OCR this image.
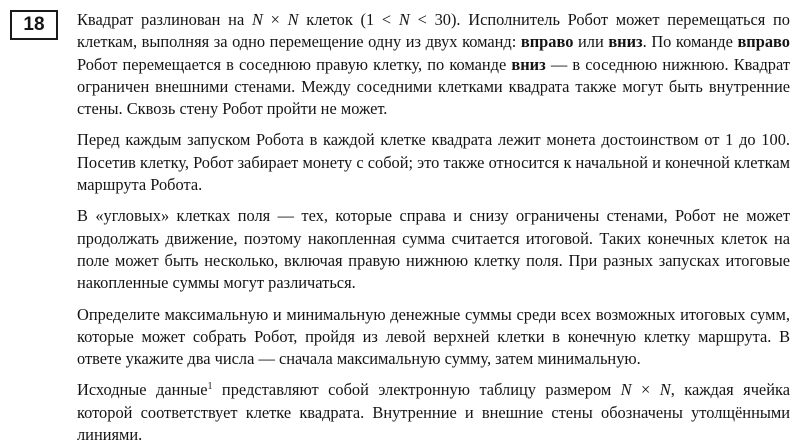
18 Квадрат разлинован на N × N клеток (1 < N < 30). Исполнитель Робот может перемещаться по клеткам, выполняя за одно перемещение одну из двух команд: вправо или вниз. По команде вправо Робот перемещается в соседнюю правую клетку, по команде вниз — в соседнюю нижнюю. Квадрат ограничен внешними стенами. Между соседними клетками квадрата также могут быть внутренние стены. Сквозь стену Робот пройти не может.

Перед каждым запуском Робота в каждой клетке квадрата лежит монета достоинством от 1 до 100. Посетив клетку, Робот забирает монету с собой; это также относится к начальной и конечной клеткам маршрута Робота.

В «угловых» клетках поля — тех, которые справа и снизу ограничены стенами, Робот не может продолжать движение, поэтому накопленная сумма считается итоговой. Таких конечных клеток на поле может быть несколько, включая правую нижнюю клетку поля. При разных запусках итоговые накопленные суммы могут различаться.

Определите максимальную и минимальную денежные суммы среди всех возможных итоговых сумм, которые может собрать Робот, пройдя из левой верхней клетки в конечную клетку маршрута. В ответе укажите два числа — сначала максимальную сумму, затем минимальную.

Исходные данные$^1$ представляют собой электронную таблицу размером N × N, каждая ячейка которой соответствует клетке квадрата. Внутренние и внешние стены обозначены утолщёнными линиями.
